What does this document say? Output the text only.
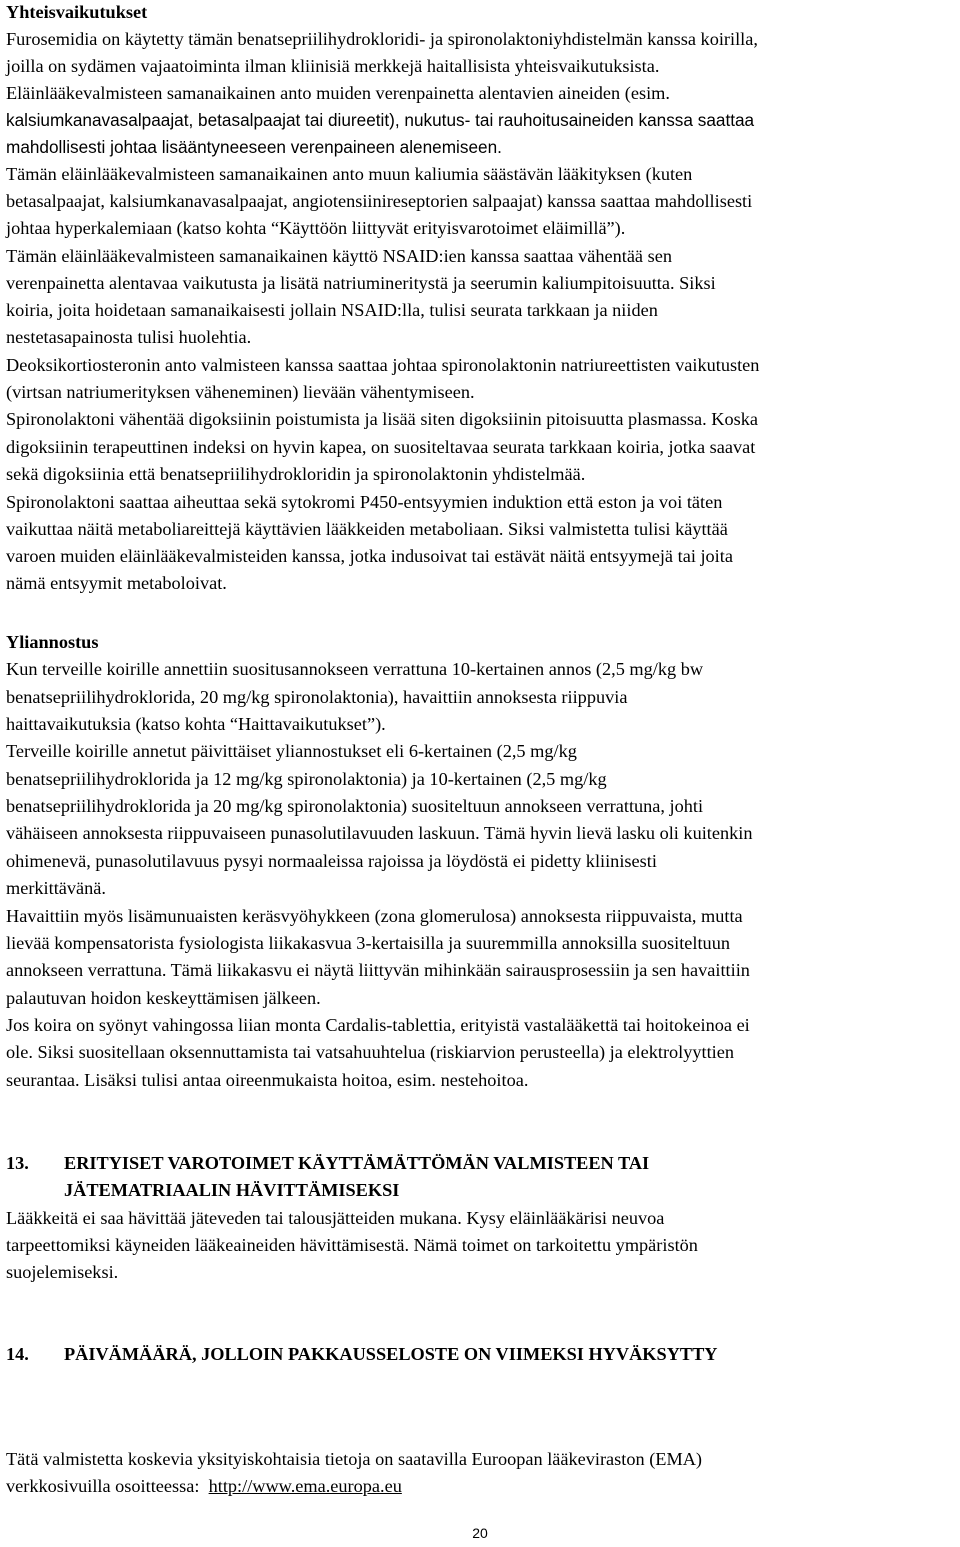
Yhteisvaikutukset
Furosemidia on käytetty tämän benatsepriilihydrokloridi- ja spironolaktoniyhdistelmän kanssa koirilla,
joilla on sydämen vajaatoiminta ilman kliinisiä merkkejä haitallisista yhteisvaikutuksista.
Eläinlääkevalmisteen samanaikainen anto muiden verenpainetta alentavien aineiden (esim.
kalsiumkanavasalpaajat, betasalpaajat tai diureetit), nukutus- tai rauhoitusaineiden kanssa saattaa
mahdollisesti johtaa lisääntyneeseen verenpaineen alenemiseen.
Tämän eläinlääkevalmisteen samanaikainen anto muun kaliumia säästävän lääkityksen (kuten
betasalpaajat, kalsiumkanavasalpaajat, angiotensiinireseptorien salpaajat) kanssa saattaa mahdollisesti
johtaa hyperkalemiaan (katso kohta “Käyttöön liittyvät erityisvarotoimet eläimillä”).
Tämän eläinlääkevalmisteen samanaikainen käyttö NSAID:ien kanssa saattaa vähentää sen
verenpainetta alentavaa vaikutusta ja lisätä natriumineritystä ja seerumin kaliumpitoisuutta. Siksi
koiria, joita hoidetaan samanaikaisesti jollain NSAID:lla, tulisi seurata tarkkaan ja niiden
nestetasapainosta tulisi huolehtia.
Deoksikortiosteronin anto valmisteen kanssa saattaa johtaa spironolaktonin natriureettisten vaikutusten
(virtsan natriumerityksen väheneminen) lievään vähentymiseen.
Spironolaktoni vähentää digoksiinin poistumista ja lisää siten digoksiinin pitoisuutta plasmassa. Koska
digoksiinin terapeuttinen indeksi on hyvin kapea, on suositeltavaa seurata tarkkaan koiria, jotka saavat
sekä digoksiinia että benatsepriilihydrokloridin ja spironolaktonin yhdistelmää.
Spironolaktoni saattaa aiheuttaa sekä sytokromi P450-entsyymien induktion että eston ja voi täten
vaikuttaa näitä metaboliareittejä käyttävien lääkkeiden metaboliaan. Siksi valmistetta tulisi käyttää
varoen muiden eläinlääkevalmisteiden kanssa, jotka indusoivat tai estävät näitä entsyymejä tai joita
nämä entsyymit metaboloivat.
Yliannostus
Kun terveille koirille annettiin suositusannokseen verrattuna 10-kertainen annos (2,5 mg/kg bw
benatsepriilihydroklorida, 20 mg/kg spironolaktonia), havaittiin annoksesta riippuvia
haittavaikutuksia (katso kohta “Haittavaikutukset”).
Terveille koirille annetut päivittäiset yliannostukset eli 6-kertainen (2,5 mg/kg
benatsepriilihydroklorida ja 12 mg/kg spironolaktonia) ja 10-kertainen (2,5 mg/kg
benatsepriilihydroklorida ja 20 mg/kg spironolaktonia) suositeltuun annokseen verrattuna, johti
vähäiseen annoksesta riippuvaiseen punasolutilavuuden laskuun. Tämä hyvin lievä lasku oli kuitenkin
ohimenevä, punasolutilavuus pysyi normaaleissa rajoissa ja löydöstä ei pidetty kliinisesti
merkittävänä.
Havaittiin myös lisämunuaisten keräsvyöhykkeen (zona glomerulosa) annoksesta riippuvaista, mutta
lievää kompensatorista fysiologista liikakasvua 3-kertaisilla ja suuremmilla annoksilla suositeltuun
annokseen verrattuna. Tämä liikakasvu ei näytä liittyvän mihinkään sairausprosessiin ja sen havaittiin
palautuvan hoidon keskeyttämisen jälkeen.
Jos koira on syönyt vahingossa liian monta Cardalis-tablettia, erityistä vastalääkettä tai hoitokeinoa ei
ole. Siksi suositellaan oksennuttamista tai vatsahuuhtelua (riskiarvion perusteella) ja elektrolyyttien
seurantaa. Lisäksi tulisi antaa oireenmukaista hoitoa, esim. nestehoitoa.
13. ERITYISET VAROTOIMET KÄYTTÄMÄTTÖMÄN VALMISTEEN TAI
JÄTEMATRIAALIN HÄVITTÄMISEKSI
Lääkkeitä ei saa hävittää jäteveden tai talousjätteiden mukana. Kysy eläinlääkärisi neuvoa
tarpeettomiksi käyneiden lääkeaineiden hävittämisestä. Nämä toimet on tarkoitettu ympäristön
suojelemiseksi.
14. PÄIVÄMÄÄRÄ, JOLLOIN PAKKAUSSELOSTE ON VIIMEKSI HYVÄKSYTTY
Tätä valmistetta koskevia yksityiskohtaisia tietoja on saatavilla Euroopan lääkeviraston (EMA)
verkkosivuilla osoitteessa: http://www.ema.europa.eu
20
